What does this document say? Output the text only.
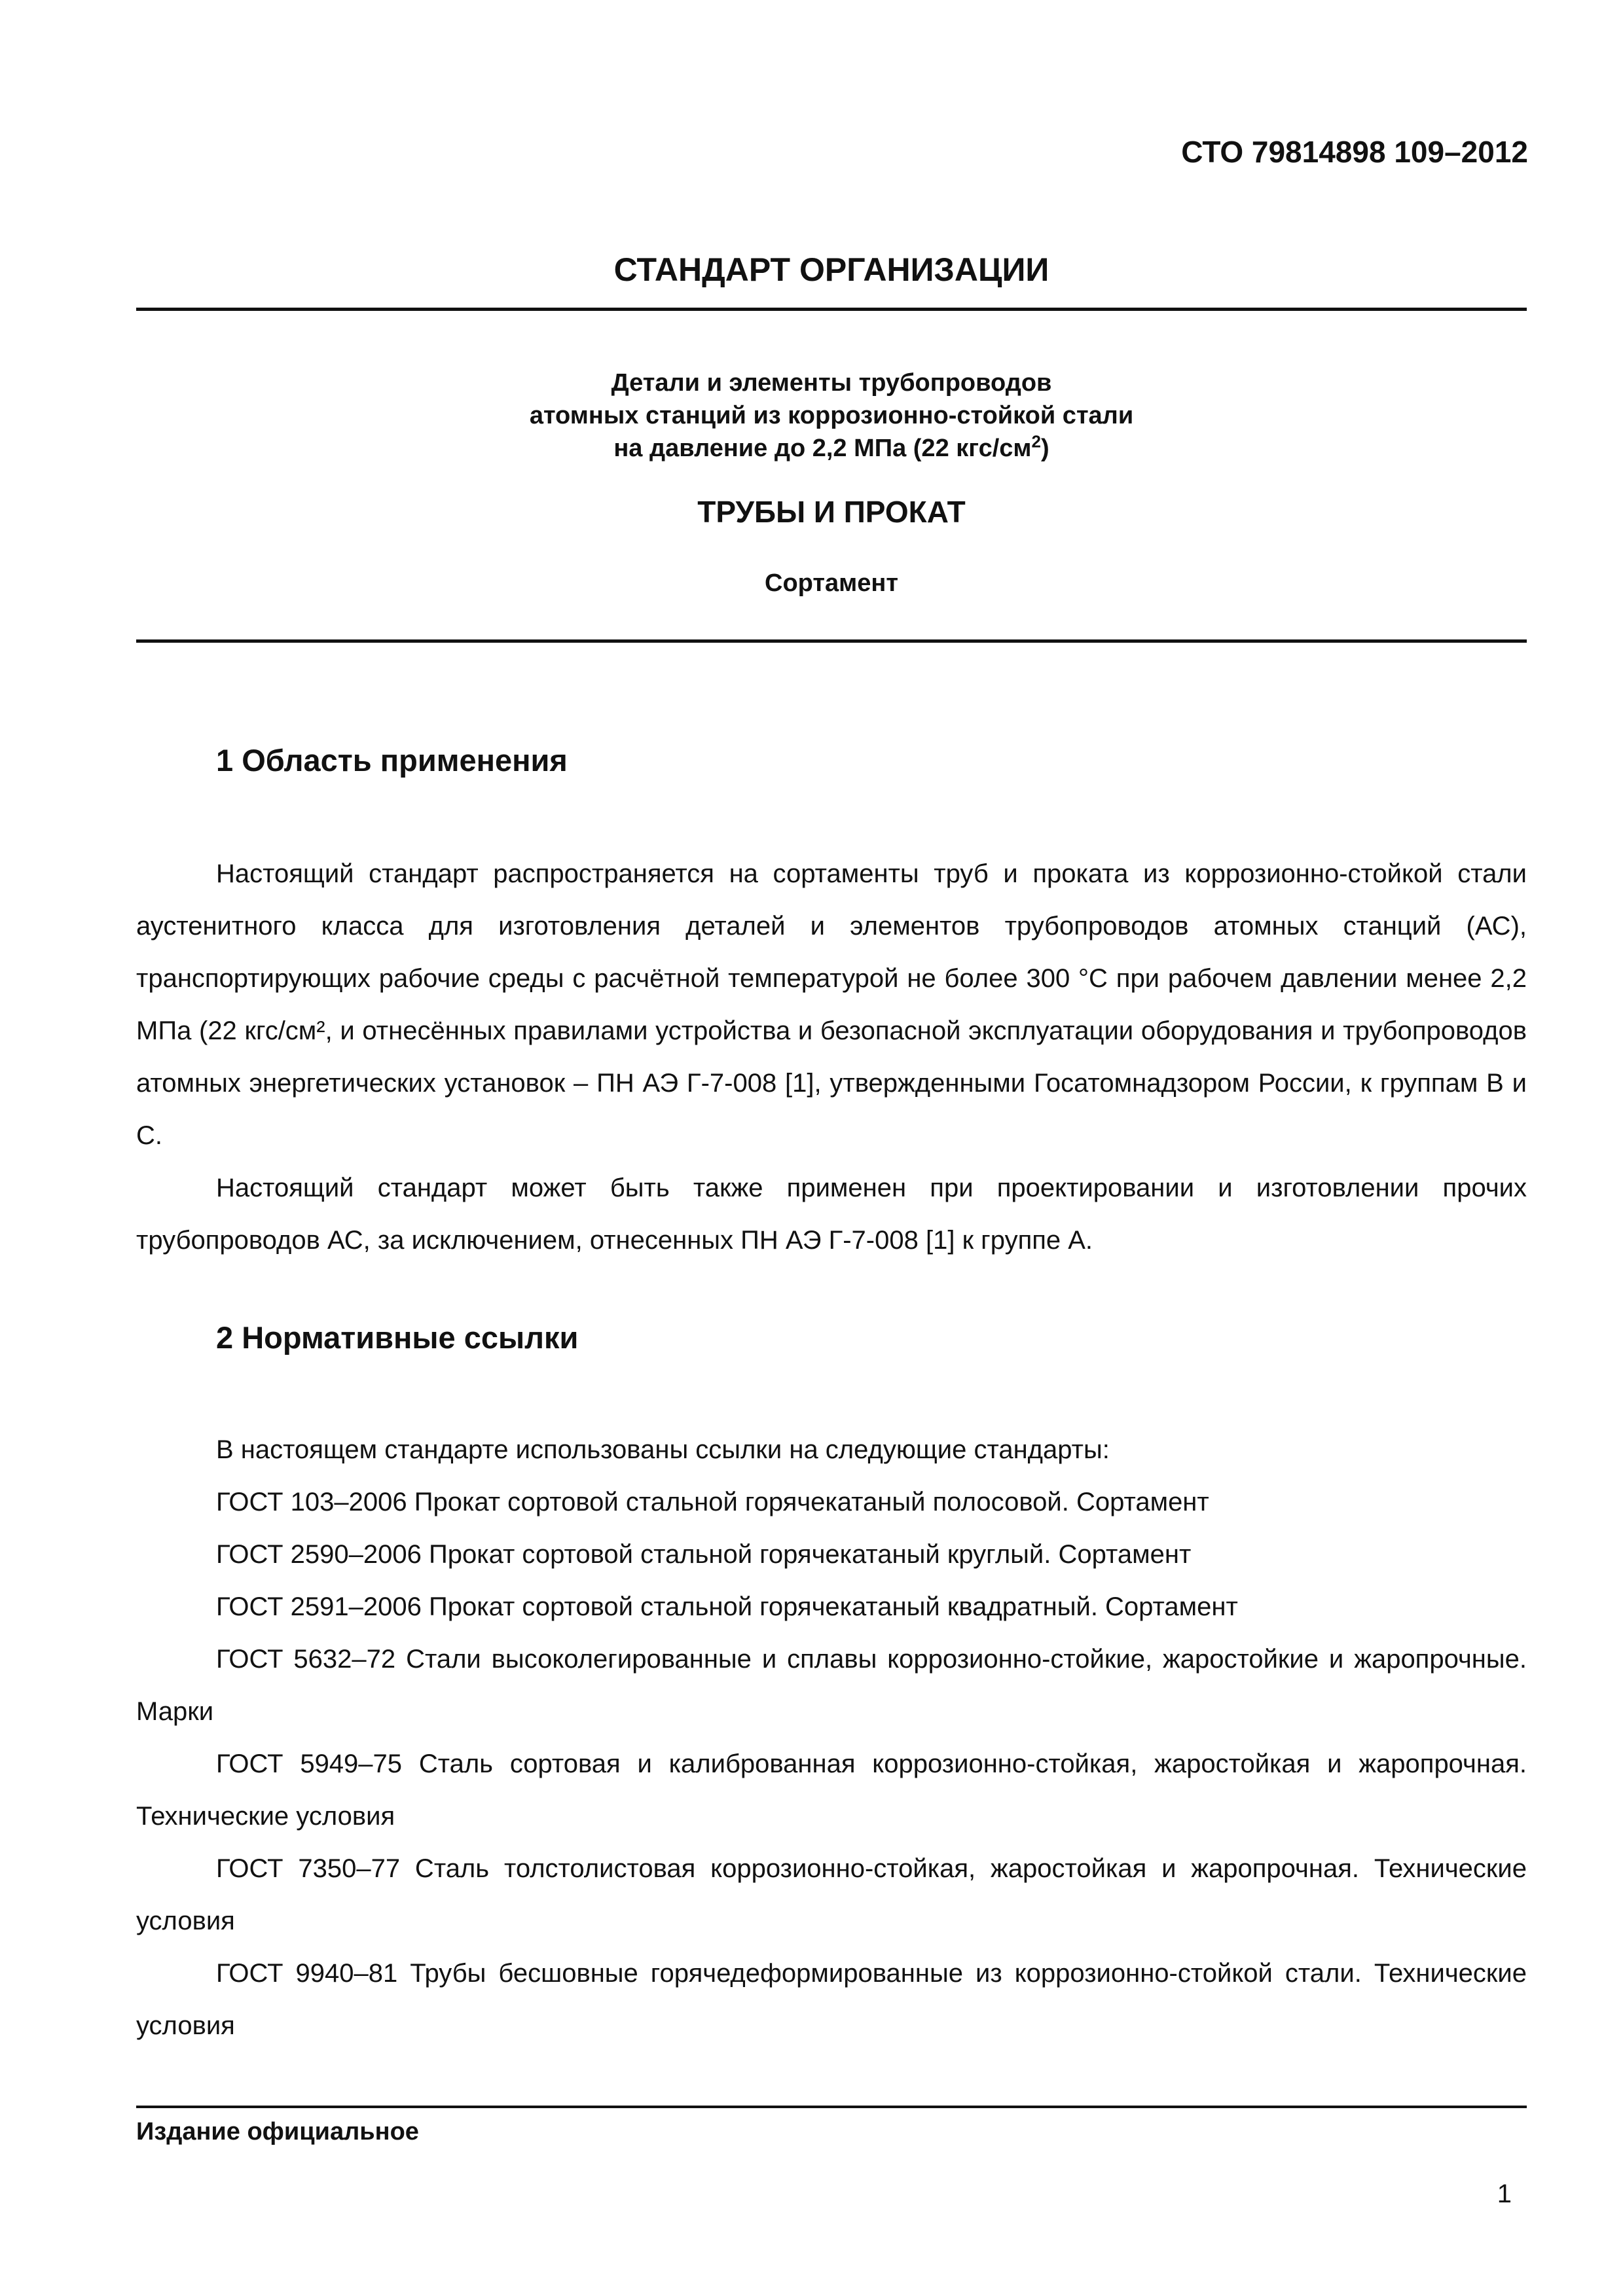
СТО 79814898 109–2012
СТАНДАРТ ОРГАНИЗАЦИИ
Детали и элементы трубопроводов
атомных станций из коррозионно-стойкой стали
на давление до 2,2 МПа (22 кгс/$см^2$)
ТРУБЫ И ПРОКАТ
Сортамент
1 Область применения

Настоящий стандарт распространяется на сортаменты труб и проката из коррозионно-стойкой стали аустенитного класса для изготовления деталей и элементов трубопроводов атомных станций (АС), транспортирующих рабочие среды с расчётной температурой не более 300 °С при рабочем давлении менее 2,2 МПа (22 кгс/см², и отнесённых правилами устройства и безопасной эксплуатации оборудования и трубопроводов атомных энергетических установок – ПН АЭ Г-7-008 [1], утвержденными Госатомнадзором России, к группам В и С.

Настоящий стандарт может быть также применен при проектировании и изготовлении прочих трубопроводов АС, за исключением, отнесенных ПН АЭ Г-7-008 [1] к группе А.

2 Нормативные ссылки

В настоящем стандарте использованы ссылки на следующие стандарты:

ГОСТ 103–2006 Прокат сортовой стальной горячекатаный полосовой. Сортамент

ГОСТ 2590–2006 Прокат сортовой стальной горячекатаный круглый. Сортамент

ГОСТ 2591–2006 Прокат сортовой стальной горячекатаный квадратный. Сортамент

ГОСТ 5632–72 Стали высоколегированные и сплавы коррозионно-стойкие, жаростойкие и жаропрочные. Марки

ГОСТ 5949–75 Сталь сортовая и калиброванная коррозионно-стойкая, жаростойкая и жаропрочная. Технические условия

ГОСТ 7350–77 Сталь толстолистовая коррозионно-стойкая, жаростойкая и жаропрочная. Технические условия

ГОСТ 9940–81 Трубы бесшовные горячедеформированные из коррозионно-стойкой стали. Технические условия

Издание официальное
1
